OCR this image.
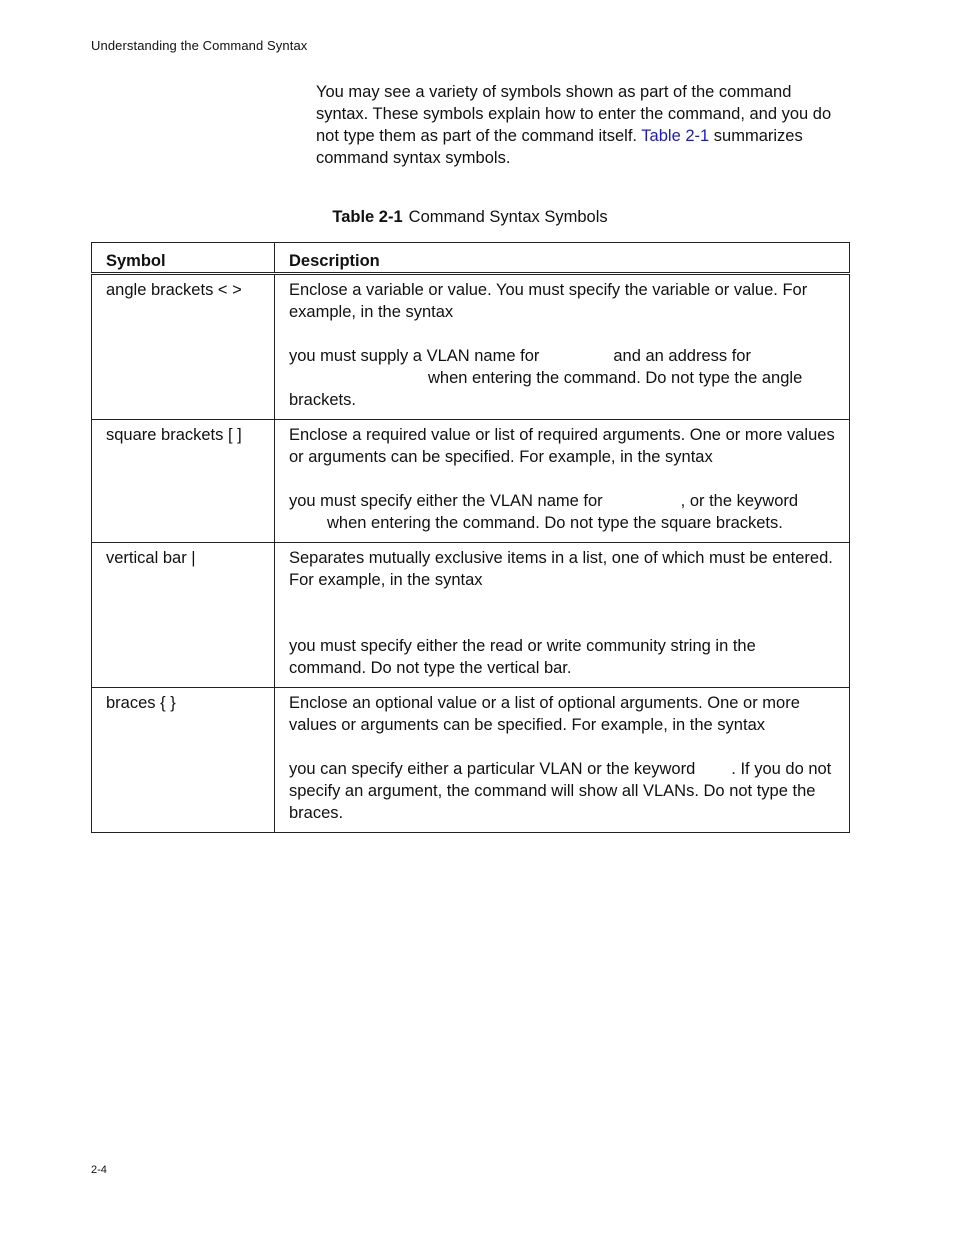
Understanding the Command Syntax
You may see a variety of symbols shown as part of the command syntax. These symbols explain how to enter the command, and you do not type them as part of the command itself. Table 2-1 summarizes command syntax symbols.
Table 2-1 Command Syntax Symbols
Symbol	Description
angle brackets < >	Enclose a variable or value. You must specify the variable or value. For example, in the syntax

you must supply a VLAN name for and an address for

when entering the command. Do not type the angle brackets.

square brackets [ ]	Enclose a required value or list of required arguments. One or more values or arguments can be specified. For example, in the syntax

you must specify either the VLAN name for , or the keyword

when entering the command. Do not type the square brackets.

vertical bar |	Separates mutually exclusive items in a list, one of which must be entered. For example, in the syntax

you must specify either the read or write community string in the command. Do not type the vertical bar.

braces { }	Enclose an optional value or a list of optional arguments. One or more values or arguments can be specified. For example, in the syntax

you can specify either a particular VLAN or the keyword . If you do not specify an argument, the command will show all VLANs. Do not type the braces.

2-4
